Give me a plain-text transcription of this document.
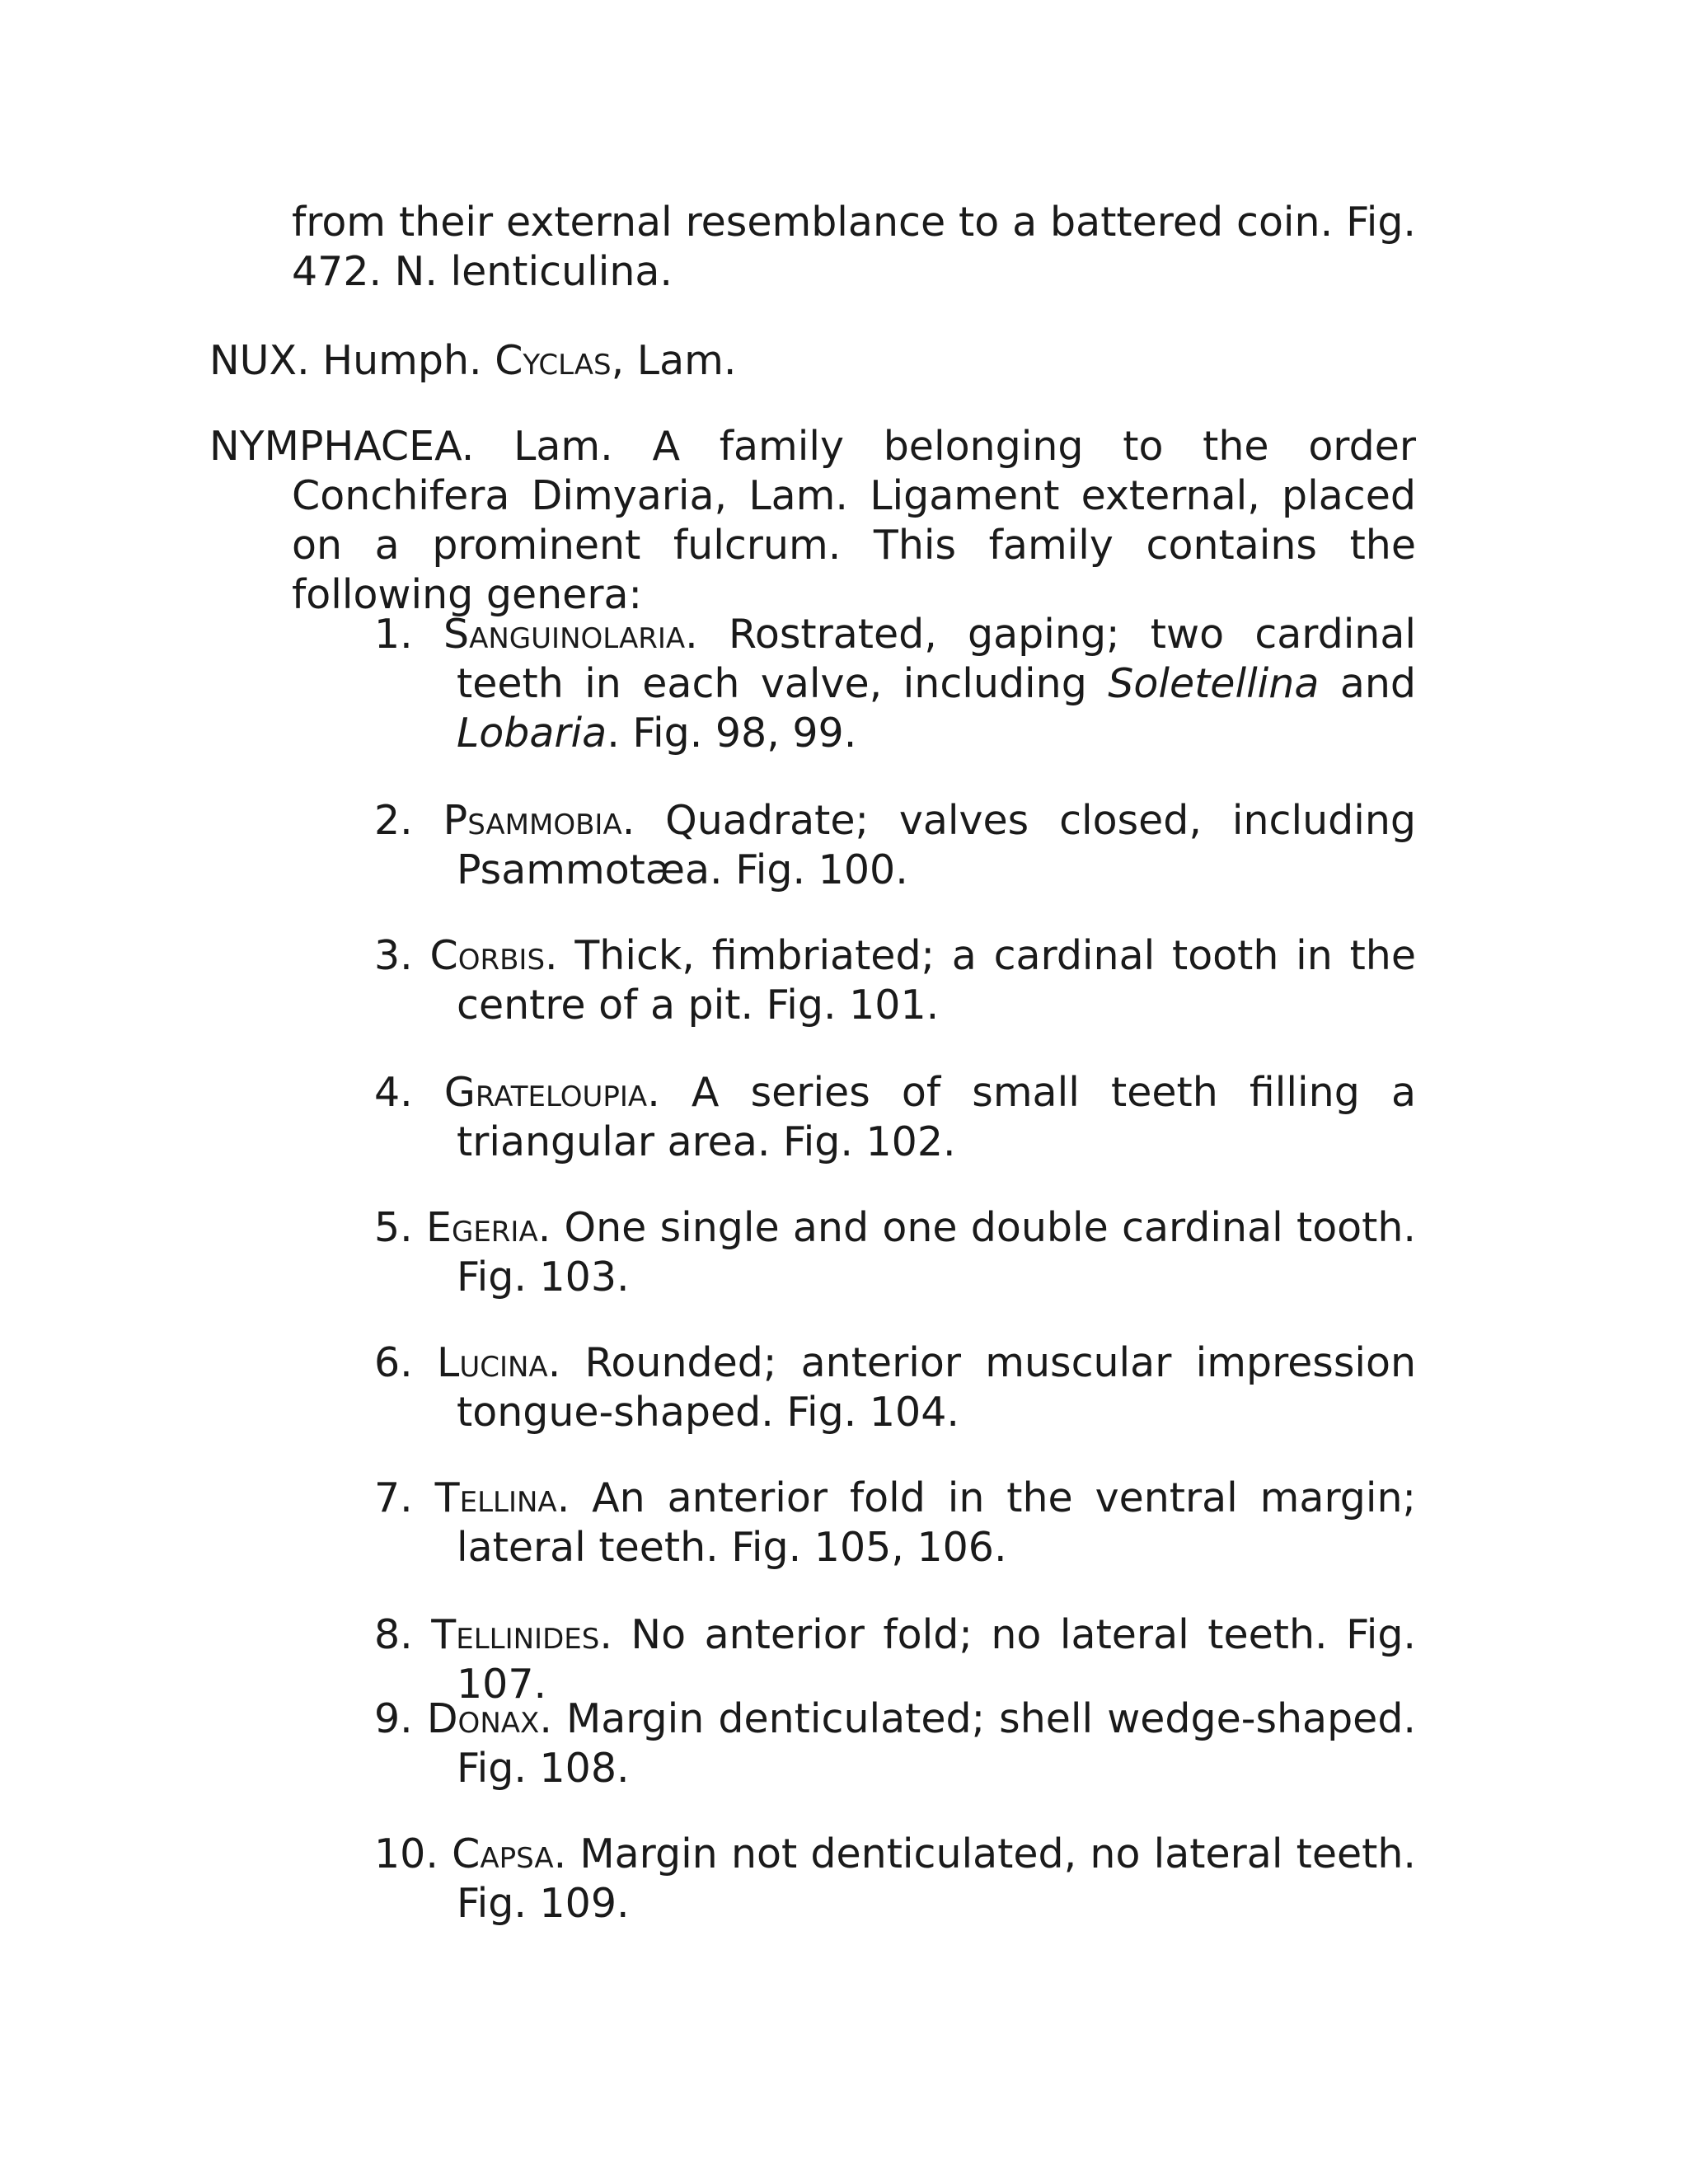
from their external resemblance to a battered coin. Fig. 472. N. lenticulina.

NUX. Humph. Cyclas, Lam.

NYMPHACEA. Lam. A family belonging to the order Conchifera Dimyaria, Lam. Ligament external, placed on a prominent fulcrum. This family contains the following genera:

1. Sanguinolaria. Rostrated, gaping; two cardinal teeth in each valve, including Soletellina and Lobaria. Fig. 98, 99.

2. Psammobia. Quadrate; valves closed, including Psammotæa. Fig. 100.

3. Corbis. Thick, fimbriated; a cardinal tooth in the centre of a pit. Fig. 101.

4. Grateloupia. A series of small teeth filling a triangular area. Fig. 102.

5. Egeria. One single and one double cardinal tooth. Fig. 103.

6. Lucina. Rounded; anterior muscular impression tongue-shaped. Fig. 104.

7. Tellina. An anterior fold in the ventral margin; lateral teeth. Fig. 105, 106.

8. Tellinides. No anterior fold; no lateral teeth. Fig. 107.

9. Donax. Margin denticulated; shell wedge-shaped. Fig. 108.

10. Capsa. Margin not denticulated, no lateral teeth. Fig. 109.
